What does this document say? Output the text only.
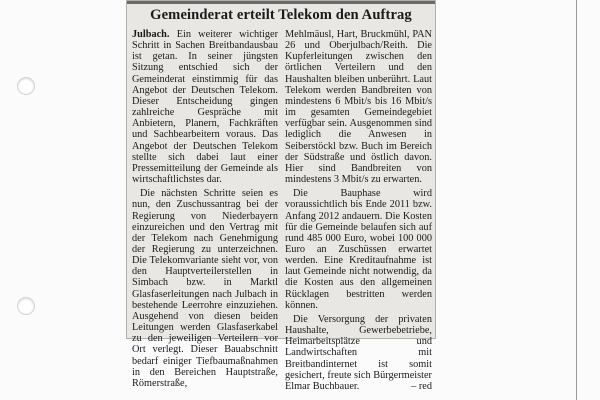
Gemeinderat erteilt Telekom den Auftrag

Julbach. Ein weiterer wichtiger Schritt in Sachen Breitbandausbau ist getan. In seiner jüngsten Sitzung entschied sich der Gemeinderat einstimmig für das Angebot der Deutschen Telekom. Dieser Entscheidung gingen zahlreiche Gespräche mit Anbietern, Planern, Fachkräften und Sachbearbeitern voraus. Das Angebot der Deutschen Telekom stellte sich dabei laut einer Pressemitteilung der Gemeinde als wirtschaftlichstes dar.

Die nächsten Schritte seien es nun, den Zuschussantrag bei der Regierung von Niederbayern einzureichen und den Vertrag mit der Telekom nach Genehmigung der Regierung zu unterzeichnen. Die Telekomvariante sieht vor, von den Hauptverteilerstellen in Simbach bzw. in Marktl Glasfaserleitungen nach Julbach in bestehende Leerrohre einzuziehen. Ausgehend von diesen beiden Leitungen werden Glasfaserkabel zu den jeweiligen Verteilern vor Ort verlegt. Dieser Bauabschnitt bedarf einiger Tiefbaumaßnahmen in den Bereichen Hauptstraße, Römerstraße,

Mehlmäusl, Hart, Bruckmühl, PAN 26 und Oberjulbach/Reith. Die Kupferleitungen zwischen den örtlichen Verteilern und den Haushalten bleiben unberührt. Laut Telekom werden Bandbreiten von mindestens 6 Mbit/s bis 16 Mbit/s im gesamten Gemeindegebiet verfügbar sein. Ausgenommen sind lediglich die Anwesen in Seiberstöckl bzw. Buch im Bereich der Südstraße und östlich davon. Hier sind Bandbreiten von mindestens 3 Mbit/s zu erwarten.

Die Bauphase wird voraussichtlich bis Ende 2011 bzw. Anfang 2012 andauern. Die Kosten für die Gemeinde belaufen sich auf rund 485 000 Euro, wobei 100 000 Euro an Zuschüssen erwartet werden. Eine Kreditaufnahme ist laut Gemeinde nicht notwendig, da die Kosten aus den allgemeinen Rücklagen bestritten werden können.

Die Versorgung der privaten Haushalte, Gewerbebetriebe, Heimarbeitsplätze und Landwirtschaften mit Breitbandinternet ist somit gesichert, freute sich Bürgermeister Elmar Buchbauer.	– red
